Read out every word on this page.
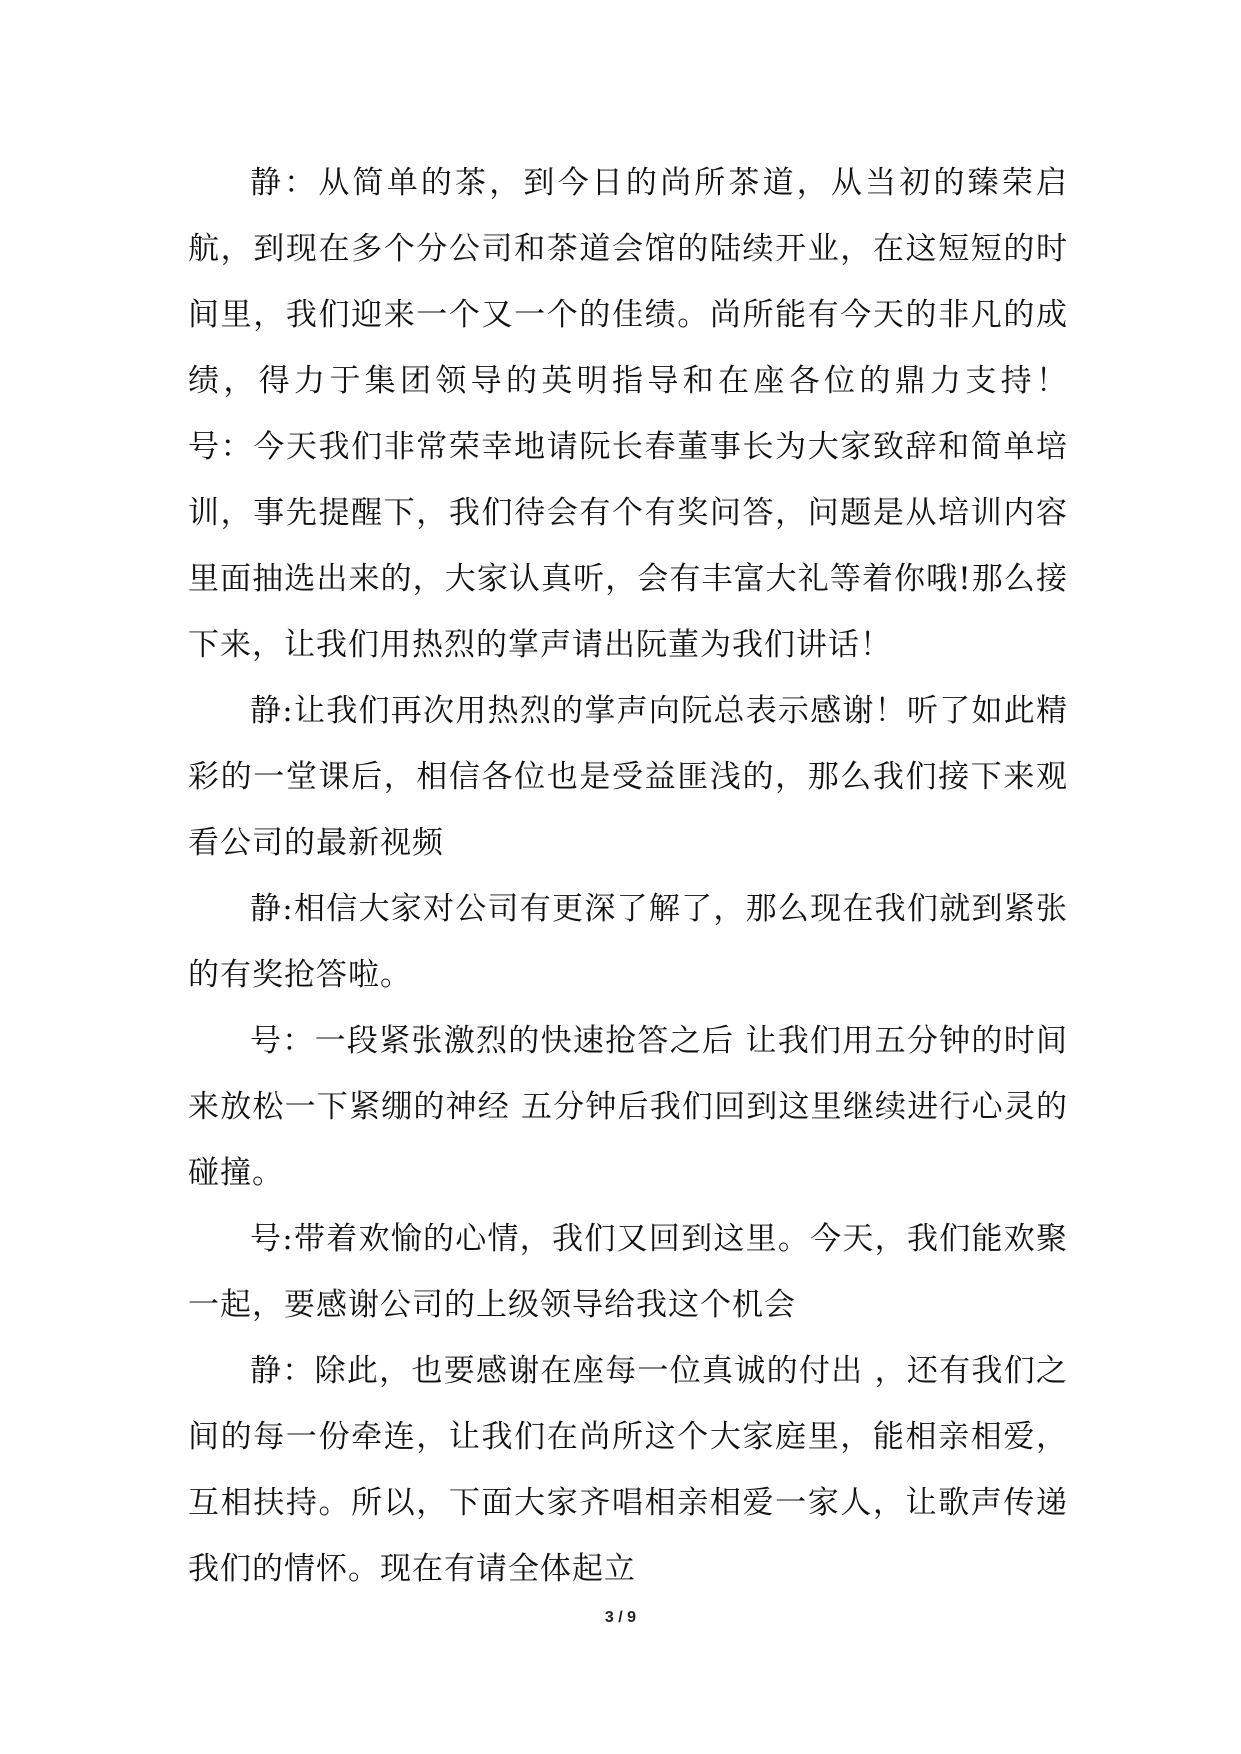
静：从简单的茶，到今日的尚所茶道，从当初的臻荣启航，到现在多个分公司和茶道会馆的陆续开业，在这短短的时间里，我们迎来一个又一个的佳绩。尚所能有今天的非凡的成绩，得力于集团领导的英明指导和在座各位的鼎力支持！　号：今天我们非常荣幸地请阮长春董事长为大家致辞和简单培训，事先提醒下，我们待会有个有奖问答，问题是从培训内容里面抽选出来的，大家认真听，会有丰富大礼等着你哦!那么接下来，让我们用热烈的掌声请出阮董为我们讲话！

静:让我们再次用热烈的掌声向阮总表示感谢！听了如此精彩的一堂课后，相信各位也是受益匪浅的，那么我们接下来观看公司的最新视频

静:相信大家对公司有更深了解了，那么现在我们就到紧张的有奖抢答啦。

号：一段紧张激烈的快速抢答之后 让我们用五分钟的时间来放松一下紧绷的神经 五分钟后我们回到这里继续进行心灵的碰撞。

号:带着欢愉的心情，我们又回到这里。今天，我们能欢聚一起，要感谢公司的上级领导给我这个机会

静：除此，也要感谢在座每一位真诚的付出 ，还有我们之间的每一份牵连，让我们在尚所这个大家庭里，能相亲相爱，互相扶持。所以，下面大家齐唱相亲相爱一家人，让歌声传递我们的情怀。现在有请全体起立

3 / 9
